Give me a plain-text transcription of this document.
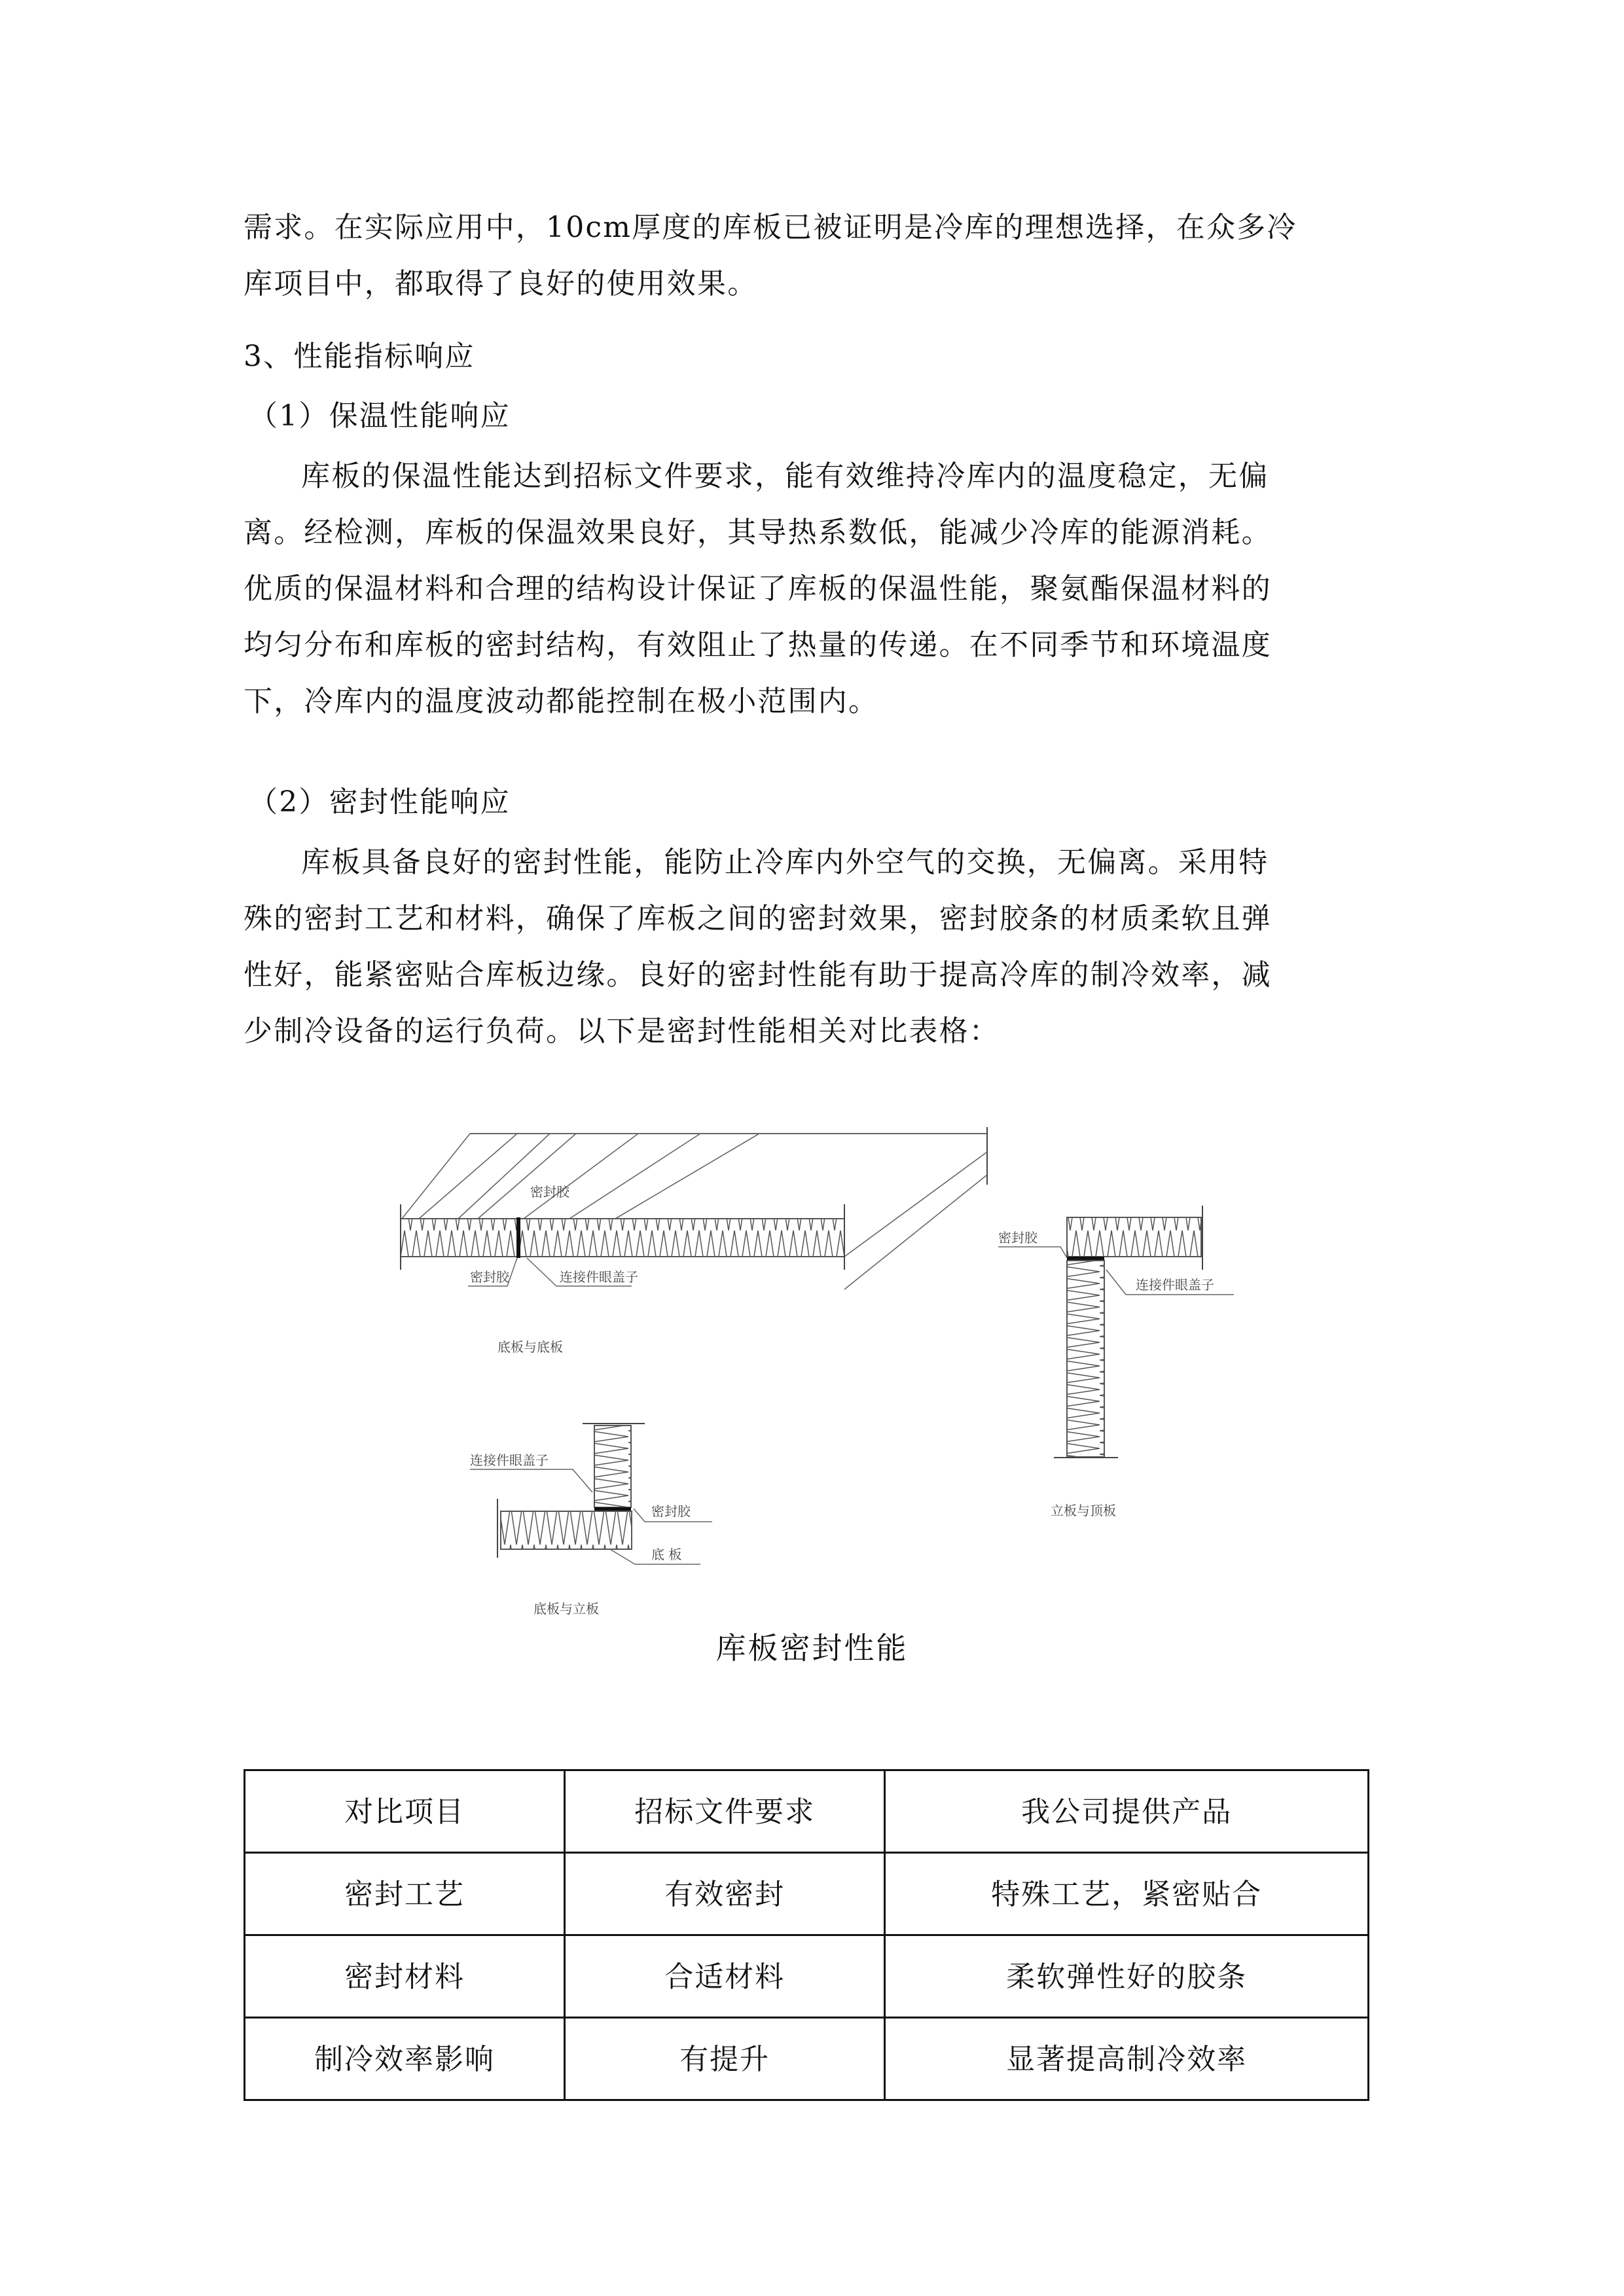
需求。在实际应用中，10cm厚度的库板已被证明是冷库的理想选择，在众多冷
库项目中，都取得了良好的使用效果。
3、性能指标响应
（1）保温性能响应
库板的保温性能达到招标文件要求，能有效维持冷库内的温度稳定，无偏
离。经检测，库板的保温效果良好，其导热系数低，能减少冷库的能源消耗。
优质的保温材料和合理的结构设计保证了库板的保温性能，聚氨酯保温材料的
均匀分布和库板的密封结构，有效阻止了热量的传递。在不同季节和环境温度
下，冷库内的温度波动都能控制在极小范围内。
（2）密封性能响应
库板具备良好的密封性能，能防止冷库内外空气的交换，无偏离。采用特
殊的密封工艺和材料，确保了库板之间的密封效果，密封胶条的材质柔软且弹
性好，能紧密贴合库板边缘。良好的密封性能有助于提高冷库的制冷效率，减
少制冷设备的运行负荷。以下是密封性能相关对比表格：
密封胶
密封胶	连接件眼盖子
底板与底板
密封胶
连接件眼盖子
立板与顶板
连接件眼盖子
密封胶
底 板
底板与立板
库板密封性能
对比项目	招标文件要求	我公司提供产品
密封工艺	有效密封	特殊工艺，紧密贴合
密封材料	合适材料	柔软弹性好的胶条
制冷效率影响	有提升	显著提高制冷效率
